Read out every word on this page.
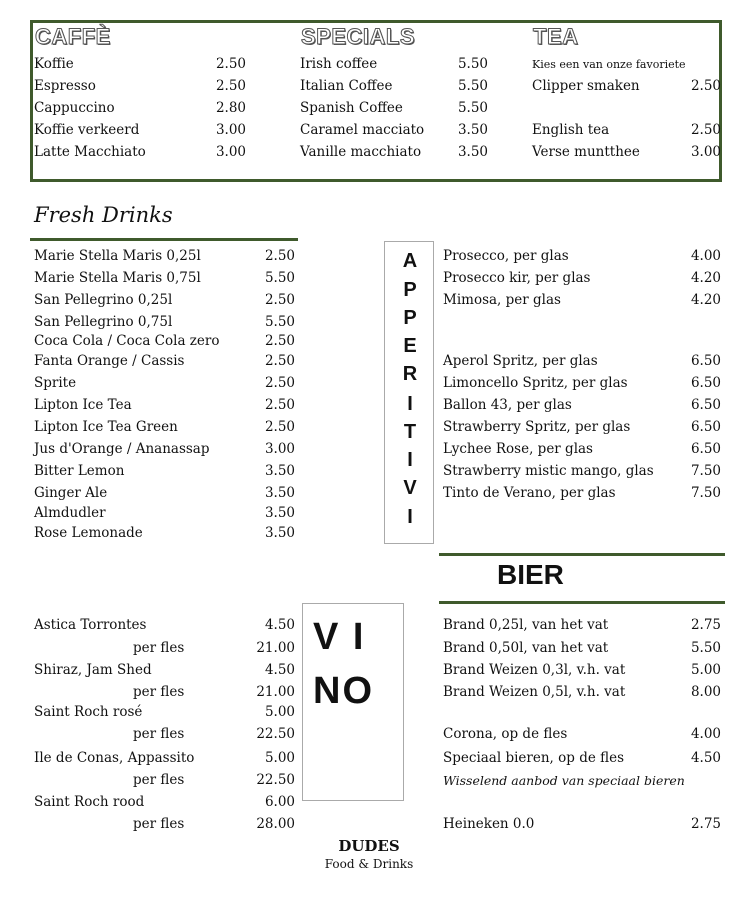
CAFFÈ	SPECIALS	TEA
Koffie	2.50
Espresso	2.50
Cappuccino	2.80
Koffie verkeerd	3.00
Latte Macchiato	3.00
Irish coffee	5.50
Italian Coffee	5.50
Spanish Coffee	5.50
Caramel macciato	3.50
Vanille macchiato	3.50
Kies een van onze favoriete
Clipper smaken	2.50
English tea	2.50
Verse muntthee	3.00
Fresh Drinks
Marie Stella Maris 0,25l	2.50
Marie Stella Maris 0,75l	5.50
San Pellegrino 0,25l	2.50
San Pellegrino 0,75l	5.50
Coca Cola / Coca Cola zero	2.50
Fanta Orange / Cassis	2.50
Sprite	2.50
Lipton Ice Tea	2.50
Lipton Ice Tea Green	2.50
Jus d'Orange / Ananassap	3.00
Bitter Lemon	3.50
Ginger Ale	3.50
Almdudler	3.50
Rose Lemonade	3.50
A
P
P
E
R
I
T
I
V
I
Prosecco, per glas	4.00
Prosecco kir, per glas	4.20
Mimosa, per glas	4.20
Aperol Spritz, per glas	6.50
Limoncello Spritz, per glas	6.50
Ballon 43, per glas	6.50
Strawberry Spritz, per glas	6.50
Lychee Rose, per glas	6.50
Strawberry mistic mango, glas	7.50
Tinto de Verano, per glas	7.50
BIER
Brand 0,25l, van het vat	2.75
Brand 0,50l, van het vat	5.50
Brand Weizen 0,3l, v.h. vat	5.00
Brand Weizen 0,5l, v.h. vat	8.00
Corona, op de fles	4.00
Speciaal bieren, op de fles	4.50
Wisselend aanbod van speciaal bieren
Heineken 0.0	2.75
V I
NO
Astica Torrontes	4.50
per fles	21.00
Shiraz, Jam Shed	4.50
per fles	21.00
Saint Roch rosé	5.00
per fles	22.50
Ile de Conas, Appassito	5.00
per fles	22.50
Saint Roch rood	6.00
per fles	28.00
DUDES
Food & Drinks
